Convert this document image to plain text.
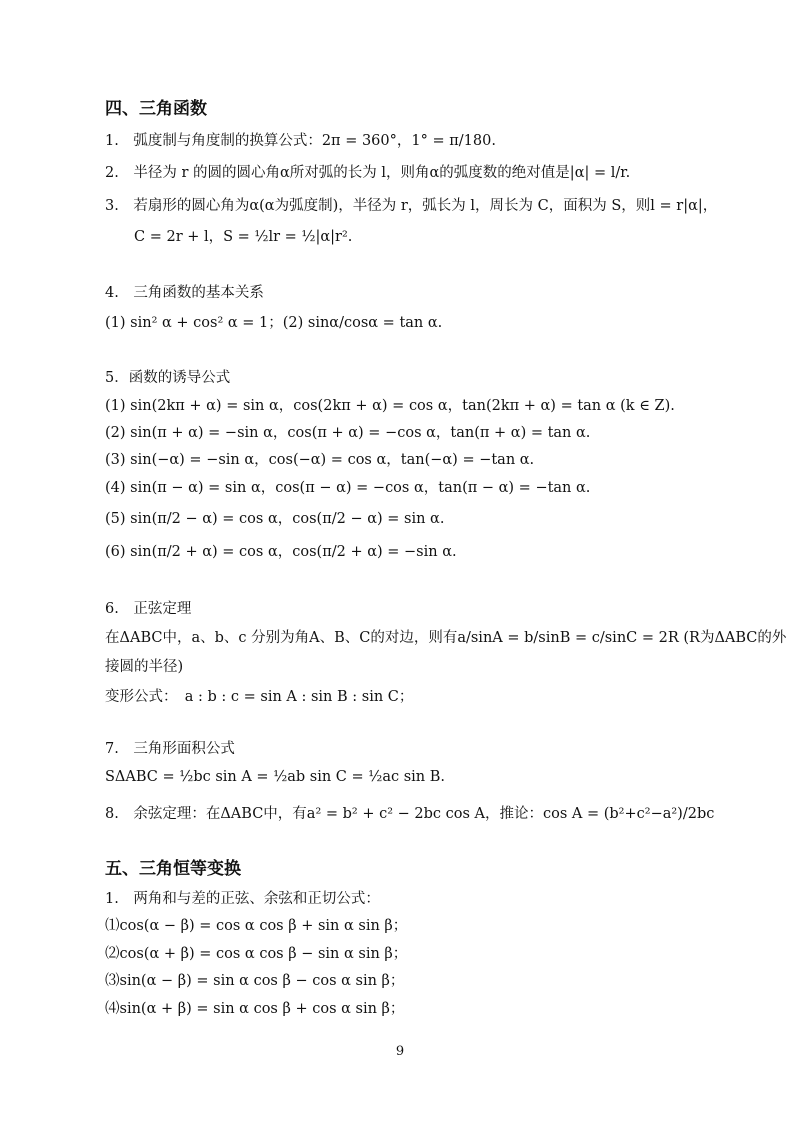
四、三角函数
1.　弧度制与角度制的换算公式：2π = 360°，1° = π/180.
2.　半径为 r 的圆的圆心角α所对弧的长为 l，则角α的弧度数的绝对值是|α| = l/r.
3.　若扇形的圆心角为α(α为弧度制)，半径为 r，弧长为 l，周长为 C，面积为 S，则l = r|α|，
C = 2r + l，S = ½lr = ½|α|r².
4.　三角函数的基本关系
(1) sin² α + cos² α = 1；(2) sinα/cosα = tan α.
5．函数的诱导公式
(1) sin(2kπ + α) = sin α，cos(2kπ + α) = cos α，tan(2kπ + α) = tan α (k ∈ Z).
(2) sin(π + α) = −sin α，cos(π + α) = −cos α，tan(π + α) = tan α.
(3) sin(−α) = −sin α，cos(−α) = cos α，tan(−α) = −tan α.
(4) sin(π − α) = sin α，cos(π − α) = −cos α，tan(π − α) = −tan α.
(5) sin(π/2 − α) = cos α，cos(π/2 − α) = sin α.
(6) sin(π/2 + α) = cos α，cos(π/2 + α) = −sin α.
6.　正弦定理
在ΔABC中，a、b、c 分别为角A、B、C的对边，则有a/sinA = b/sinB = c/sinC = 2R (R为ΔABC的外
接圆的半径)
变形公式：　a : b : c = sin A : sin B : sin C；
7.　三角形面积公式
SΔABC = ½bc sin A = ½ab sin C = ½ac sin B.
8.　余弦定理：在ΔABC中，有a² = b² + c² − 2bc cos A，推论：cos A = (b²+c²−a²)/2bc
五、三角恒等变换
1.　两角和与差的正弦、余弦和正切公式：
⑴cos(α − β) = cos α cos β + sin α sin β；
⑵cos(α + β) = cos α cos β − sin α sin β；
⑶sin(α − β) = sin α cos β − cos α sin β；
⑷sin(α + β) = sin α cos β + cos α sin β；
9
